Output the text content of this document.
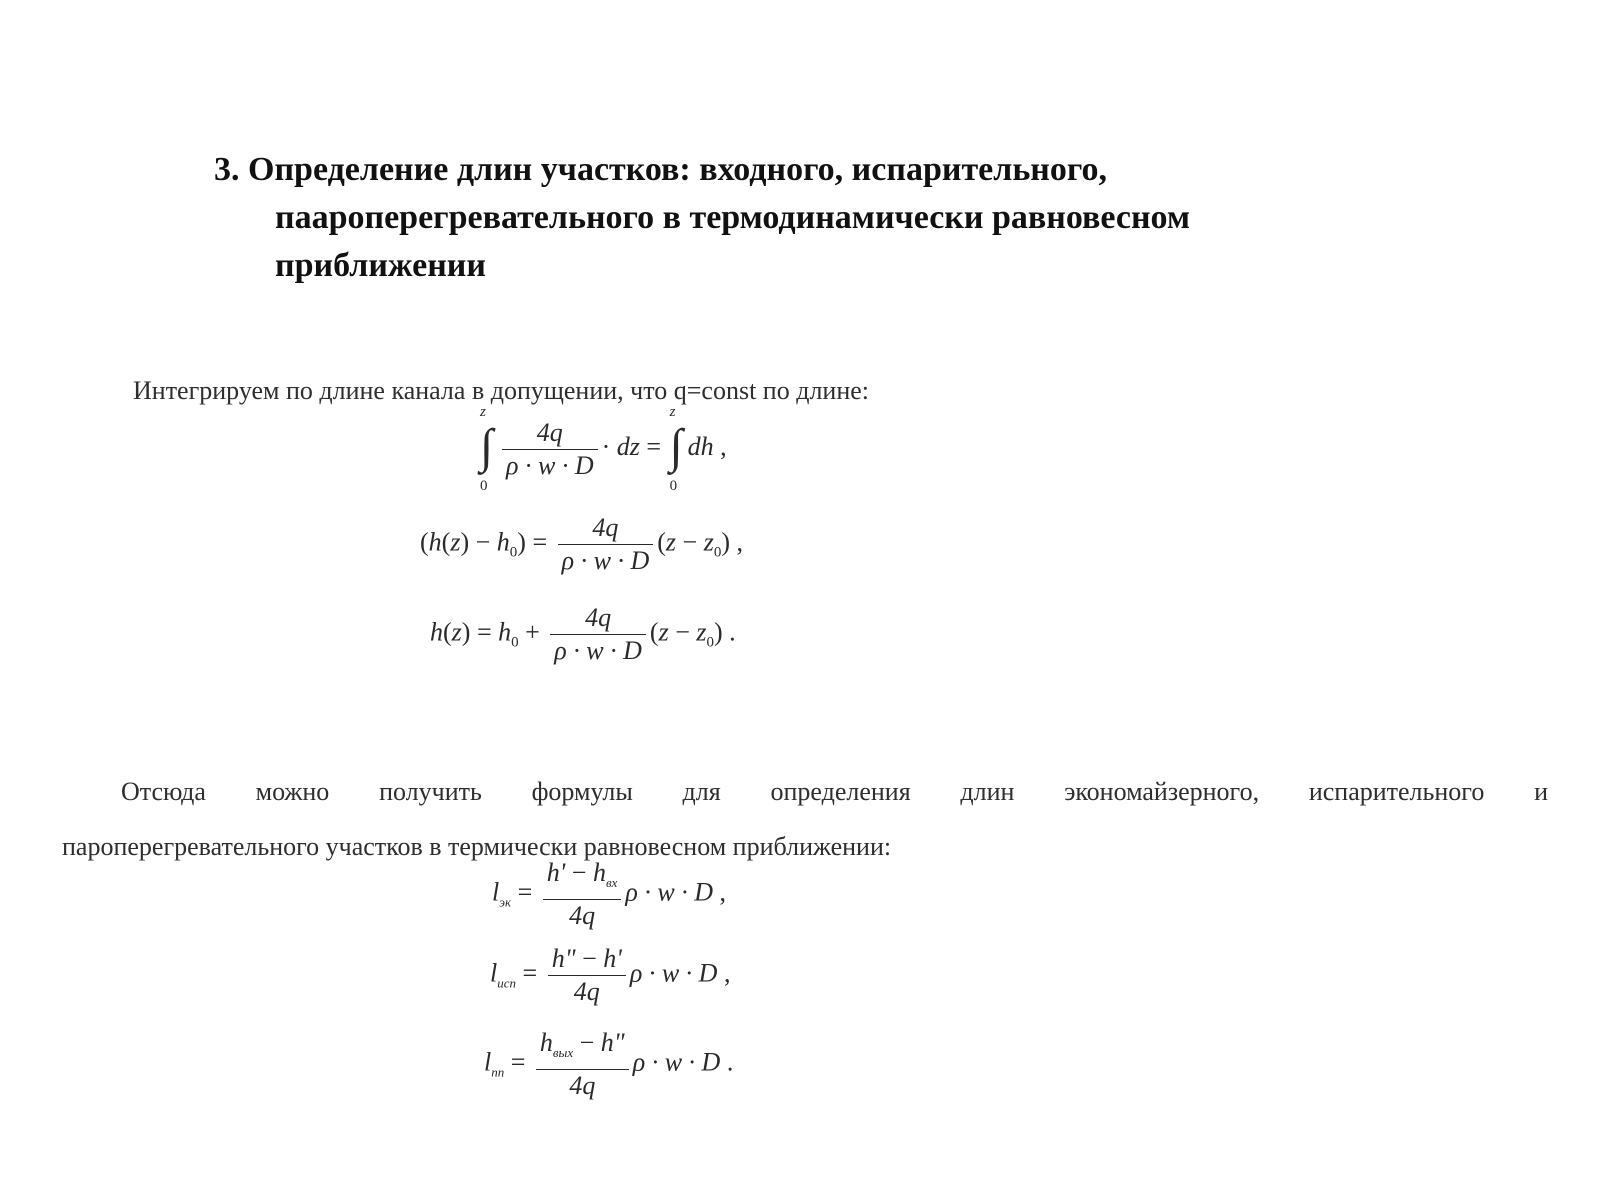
3. Определение длин участков: входного, испарительного,
паароперегревательного в термодинамически равновесном
приближении
Интегрируем по длине канала в допущении, что q=const по длине:
z
∫
0
$\frac{4q}{\rho \cdot w \cdot D}$ · dz =
z
∫
0
dh ,
$(h(z) - h_0) = \frac{4q}{\rho \cdot w \cdot D} (z - z_0)$ ,
$h(z) = h_0 + \frac{4q}{\rho \cdot w \cdot D} (z - z_0)$ .
Отсюда можно получить формулы для определения длин экономайзерного, испарительного и
пароперегревательного участков в термически равновесном приближении:
$l_{эк} = \frac{h' - h_{вх}}{4q}$ ρ · w · D ,
$l_{исп} = \frac{h" - h'}{4q}$ ρ · w · D ,
$l_{пп} = \frac{h_{вых} - h"}{4q}$ ρ · w · D .
